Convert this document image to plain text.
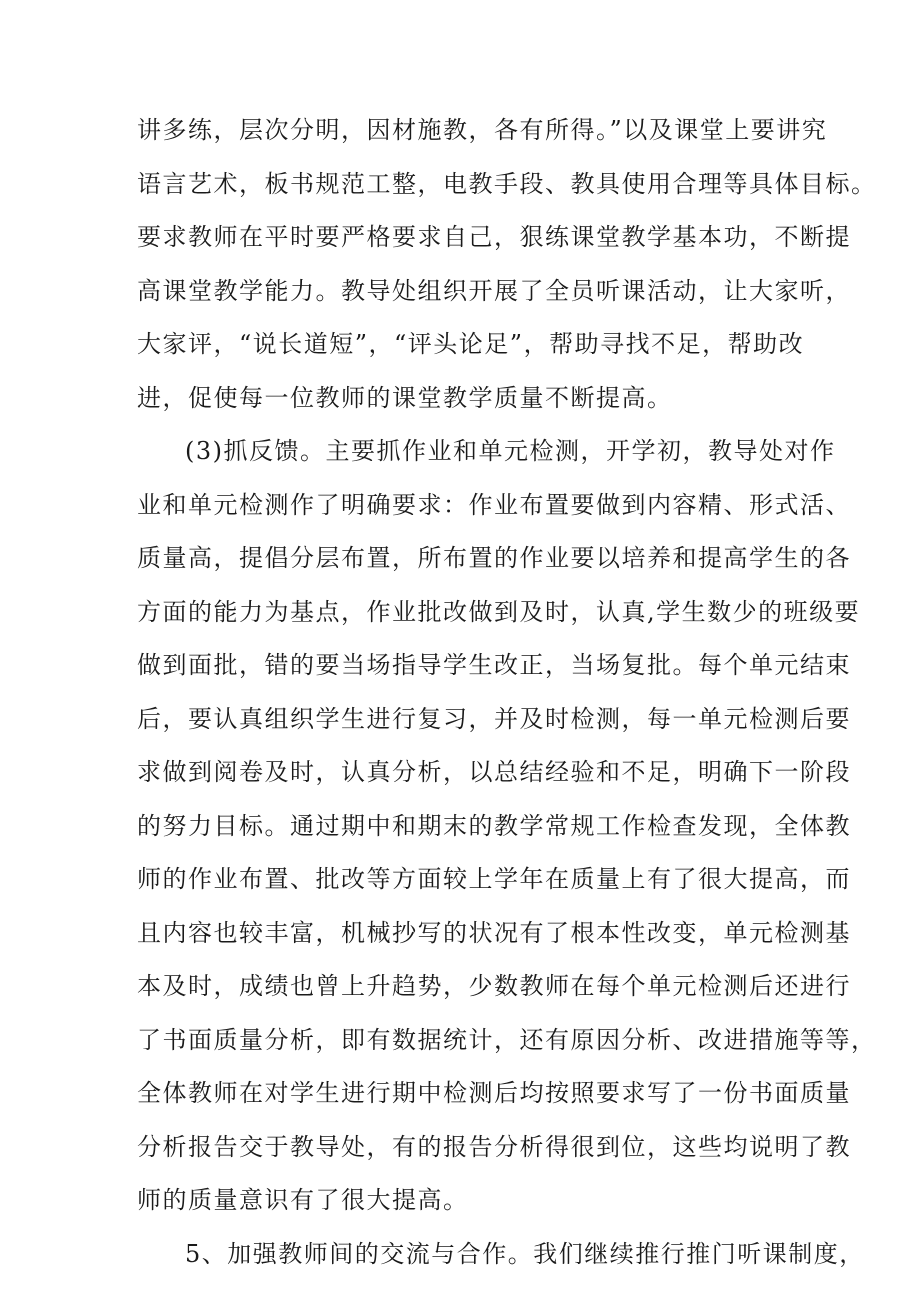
讲多练，层次分明，因材施教，各有所得。”以及课堂上要讲究
语言艺术，板书规范工整，电教手段、教具使用合理等具体目标。
要求教师在平时要严格要求自己，狠练课堂教学基本功，不断提
高课堂教学能力。教导处组织开展了全员听课活动，让大家听，
大家评，“说长道短”，“评头论足”，帮助寻找不足，帮助改
进，促使每一位教师的课堂教学质量不断提高。
(3)抓反馈。主要抓作业和单元检测，开学初，教导处对作
业和单元检测作了明确要求：作业布置要做到内容精、形式活、
质量高，提倡分层布置，所布置的作业要以培养和提高学生的各
方面的能力为基点，作业批改做到及时，认真,学生数少的班级要
做到面批，错的要当场指导学生改正，当场复批。每个单元结束
后，要认真组织学生进行复习，并及时检测，每一单元检测后要
求做到阅卷及时，认真分析，以总结经验和不足，明确下一阶段
的努力目标。通过期中和期末的教学常规工作检查发现，全体教
师的作业布置、批改等方面较上学年在质量上有了很大提高，而
且内容也较丰富，机械抄写的状况有了根本性改变，单元检测基
本及时，成绩也曾上升趋势，少数教师在每个单元检测后还进行
了书面质量分析，即有数据统计，还有原因分析、改进措施等等，
全体教师在对学生进行期中检测后均按照要求写了一份书面质量
分析报告交于教导处，有的报告分析得很到位，这些均说明了教
师的质量意识有了很大提高。
5、加强教师间的交流与合作。我们继续推行推门听课制度，
